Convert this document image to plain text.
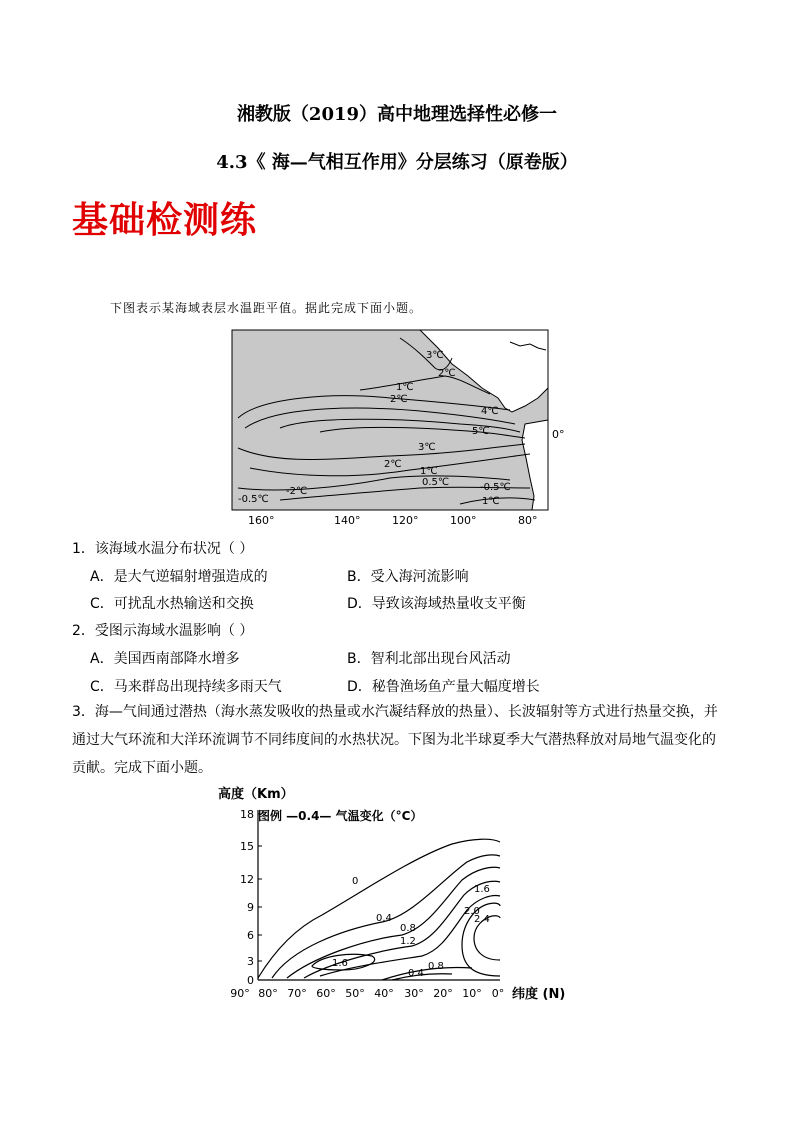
湘教版（2019）高中地理选择性必修一
4.3《 海—气相互作用》分层练习（原卷版）
基础检测练
下图表示某海域表层水温距平值。据此完成下面小题。
3℃
2℃
1℃
2℃
4℃
5℃
3℃
2℃
1℃
0.5℃
-0.5℃
-2℃	-0.5℃
1℃
160°	140°	120°	100°	80°
0°
1．该海域水温分布状况（ ）
A．是大气逆辐射增强造成的	B．受入海河流影响
C．可扰乱水热输送和交换	D．导致该海域热量收支平衡
2．受图示海域水温影响（ ）
A．美国西南部降水增多	B．智利北部出现台风活动
C．马来群岛出现持续多雨天气	D．秘鲁渔场鱼产量大幅度增长
3．海—气间通过潜热（海水蒸发吸收的热量或水汽凝结释放的热量）、长波辐射等方式进行热量交换，并
通过大气环流和大洋环流调节不同纬度间的水热状况。下图为北半球夏季大气潜热释放对局地气温变化的
贡献。完成下面小题。
高度（Km）
图例 —0.4— 气温变化（°C）
18
15
12
9
6
3
0
90° 80° 70° 60° 50° 40° 30° 20° 10° 0° 纬度 (N)
0
0.4
0.8
1.2
1.6
2.0
2.4
0.8
0.4
1.6
